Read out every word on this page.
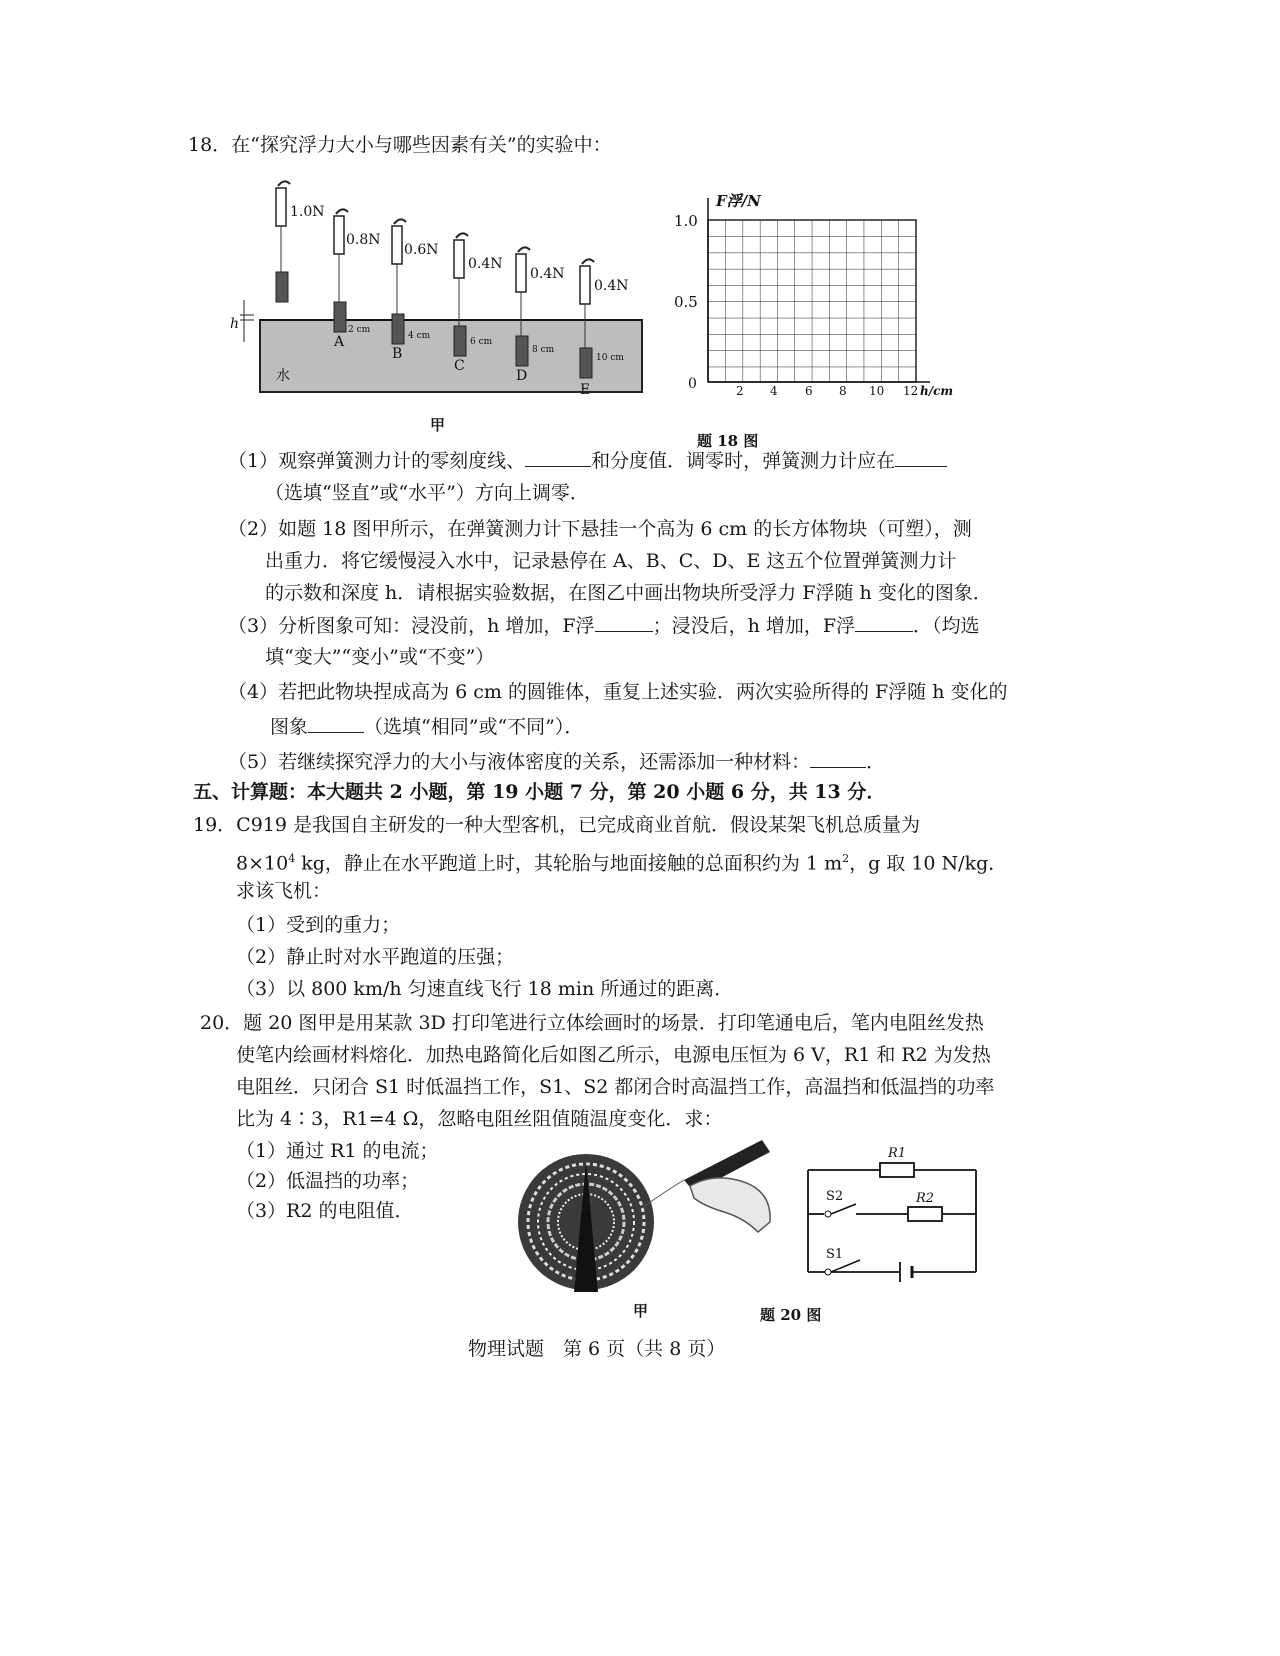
18．在“探究浮力大小与哪些因素有关”的实验中：
水
h
1.0N
0.8N
A
2 cm
0.6N
B
4 cm
0.4N
C
6 cm
0.4N
D
8 cm
0.4N
E
10 cm
甲
F浮/N
1.0
0.5
0	2 4 6 8 10 12 h/cm
题 18 图
（1）观察弹簧测力计的零刻度线、	和分度值．调零时，弹簧测力计应在
（选填“竖直”或“水平”）方向上调零．
（2）如题 18 图甲所示，在弹簧测力计下悬挂一个高为 6 cm 的长方体物块（可塑），测
出重力．将它缓慢浸入水中，记录悬停在 A、B、C、D、E 这五个位置弹簧测力计
的示数和深度 h．请根据实验数据，在图乙中画出物块所受浮力 F浮随 h 变化的图象．
（3）分析图象可知：浸没前，h 增加，F浮	；浸没后，h 增加，F浮	．（均选
填“变大”“变小”或“不变”）
（4）若把此物块捏成高为 6 cm 的圆锥体，重复上述实验．两次实验所得的 F浮随 h 变化的
图象	（选填“相同”或“不同”）．
（5）若继续探究浮力的大小与液体密度的关系，还需添加一种材料：	．
五、计算题：本大题共 2 小题，第 19 小题 7 分，第 20 小题 6 分，共 13 分．
19．C919 是我国自主研发的一种大型客机，已完成商业首航．假设某架飞机总质量为
$8\times 10^4$ kg，静止在水平跑道上时，其轮胎与地面接触的总面积约为 1 $m^2$，g 取 10 N/kg．
求该飞机：
（1）受到的重力；
（2）静止时对水平跑道的压强；
（3）以 800 km/h 匀速直线飞行 18 min 所通过的距离．
20．题 20 图甲是用某款 3D 打印笔进行立体绘画时的场景．打印笔通电后，笔内电阻丝发热
使笔内绘画材料熔化．加热电路简化后如图乙所示，电源电压恒为 6 V，R1 和 R2 为发热
电阻丝．只闭合 S1 时低温挡工作，S1、S2 都闭合时高温挡工作，高温挡和低温挡的功率
比为 4∶3，R1=4 Ω，忽略电阻丝阻值随温度变化．求：
（1）通过 R1 的电流；
（2）低温挡的功率；
（3）R2 的电阻值．
甲
R1
S2	R2
S1
题 20 图
物理试题　第 6 页（共 8 页）
